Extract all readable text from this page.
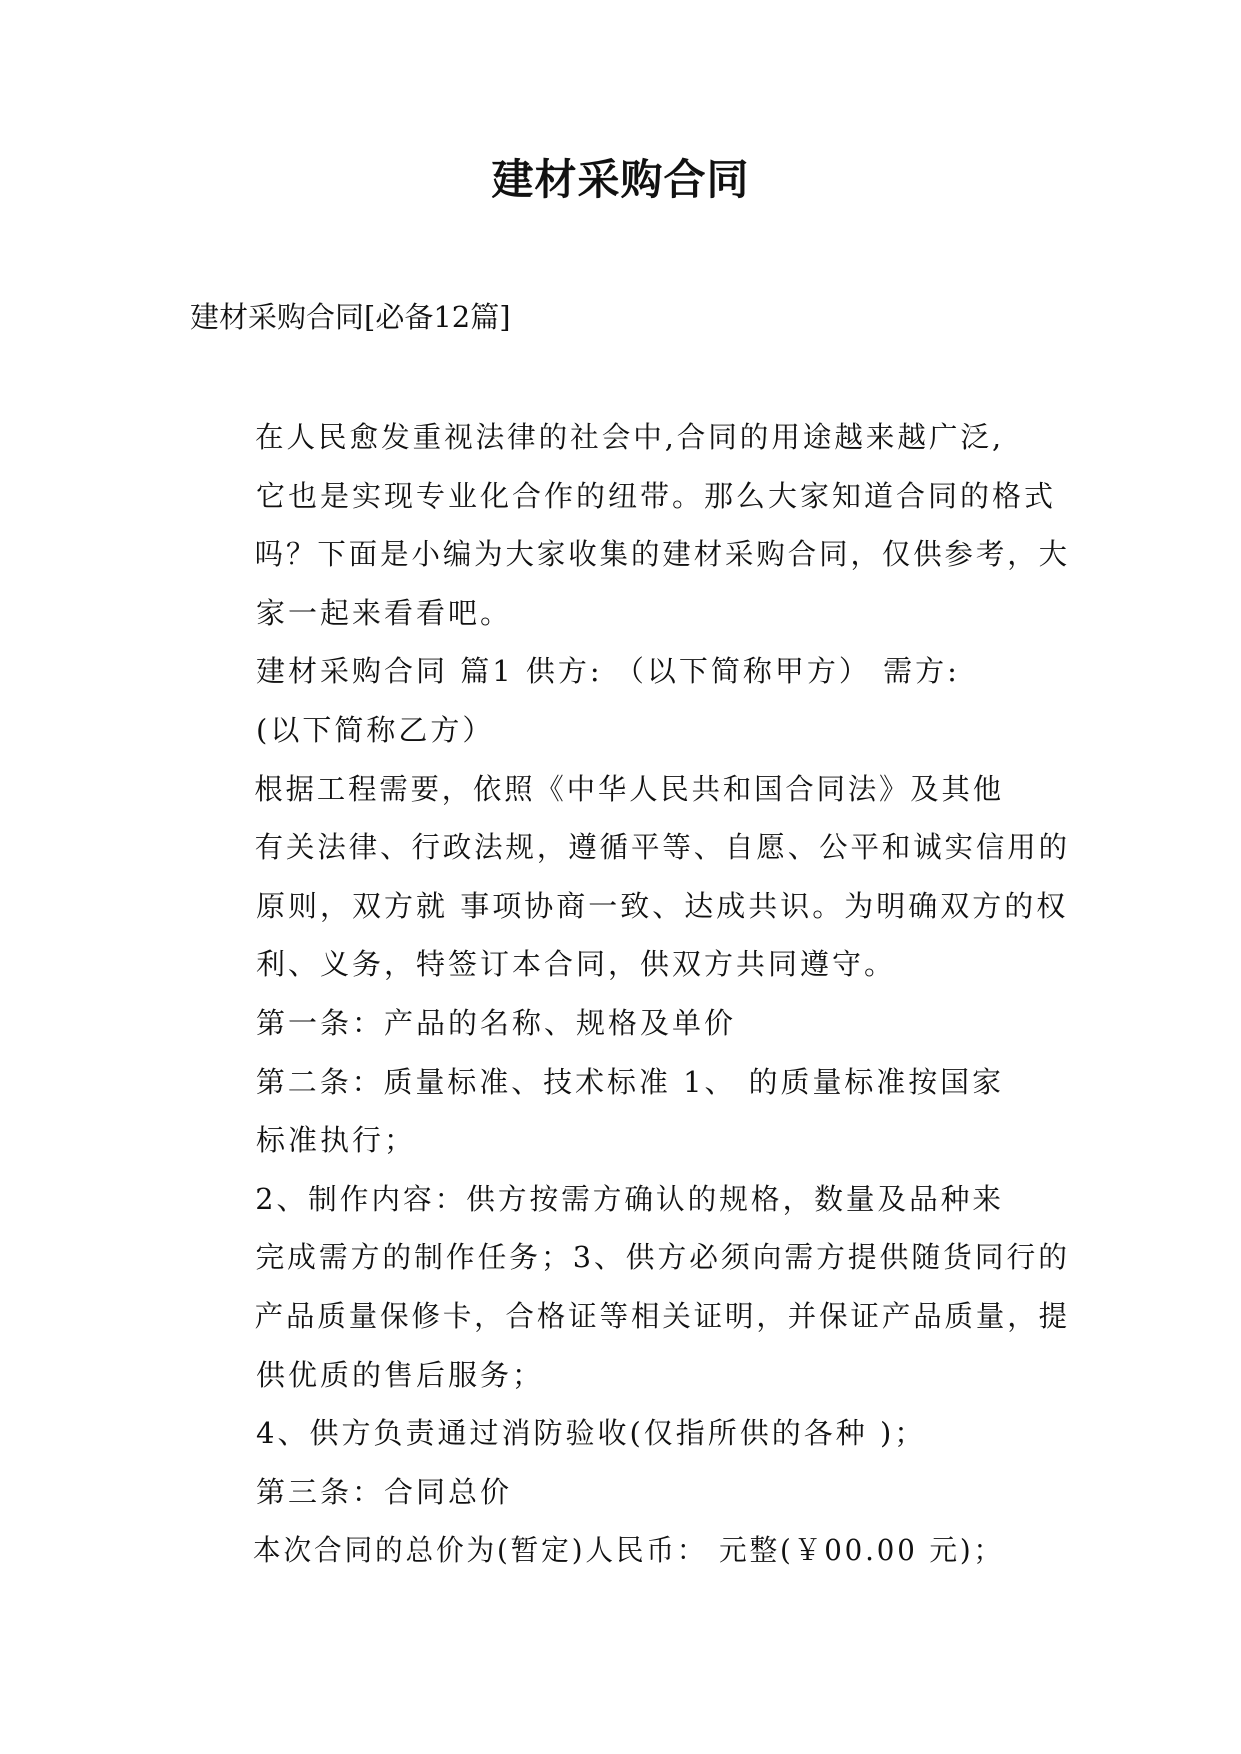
建材采购合同

建材采购合同[必备12篇]

在人民愈发重视法律的社会中,合同的用途越来越广泛,
它也是实现专业化合作的纽带。那么大家知道合同的格式
吗？下面是小编为大家收集的建材采购合同，仅供参考，大
家一起来看看吧。

建材采购合同 篇1 供方: （以下简称甲方） 需方:
(以下简称乙方）

根据工程需要，依照《中华人民共和国合同法》及其他
有关法律、行政法规，遵循平等、自愿、公平和诚实信用的
原则，双方就 事项协商一致、达成共识。为明确双方的权
利、义务，特签订本合同，供双方共同遵守。

第一条：产品的名称、规格及单价

第二条：质量标准、技术标准 1、 的质量标准按国家
标准执行；

2、制作内容：供方按需方确认的规格，数量及品种来
完成需方的制作任务；3、供方必须向需方提供随货同行的
产品质量保修卡，合格证等相关证明，并保证产品质量，提
供优质的售后服务；

4、供方负责通过消防验收(仅指所供的各种 )；

第三条：合同总价

本次合同的总价为(暂定)人民币： 元整(￥00.00 元)；
